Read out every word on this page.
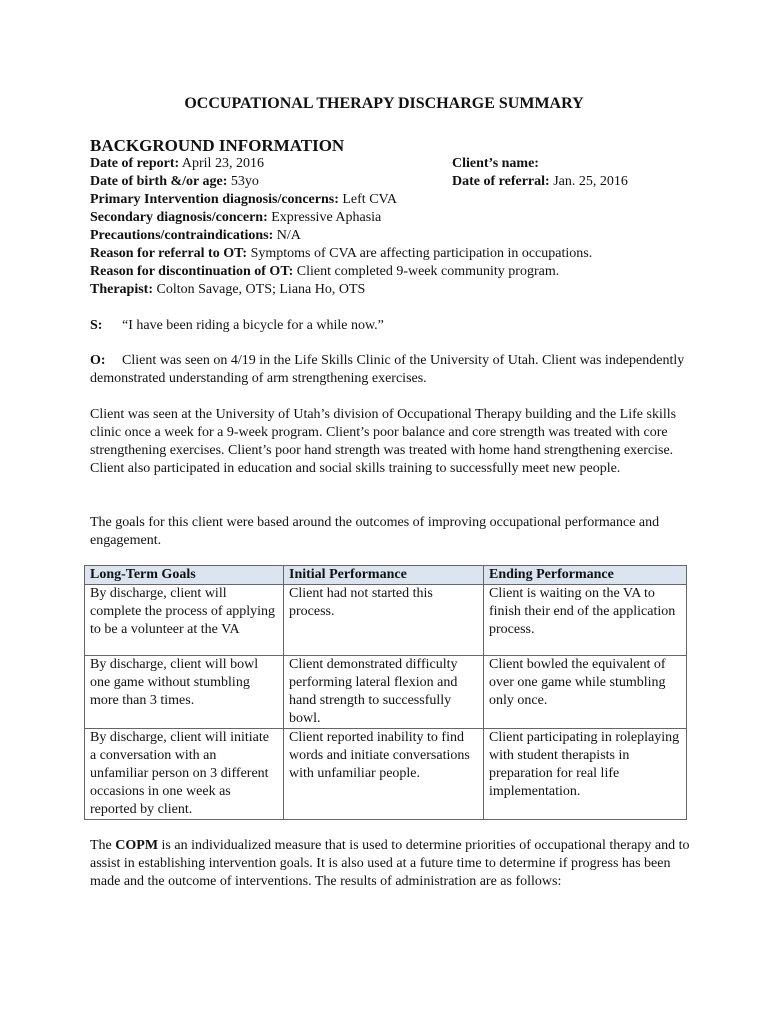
OCCUPATIONAL THERAPY DISCHARGE SUMMARY
BACKGROUND INFORMATION
Date of report: April 23, 2016	Client’s name:
Date of birth &/or age: 53yo	Date of referral: Jan. 25, 2016
Primary Intervention diagnosis/concerns: Left CVA
Secondary diagnosis/concern: Expressive Aphasia
Precautions/contraindications: N/A
Reason for referral to OT: Symptoms of CVA are affecting participation in occupations.
Reason for discontinuation of OT: Client completed 9-week community program.
Therapist: Colton Savage, OTS; Liana Ho, OTS
S: “I have been riding a bicycle for a while now.”
O: Client was seen on 4/19 in the Life Skills Clinic of the University of Utah. Client was independently demonstrated understanding of arm strengthening exercises.
Client was seen at the University of Utah’s division of Occupational Therapy building and the Life skills clinic once a week for a 9-week program. Client’s poor balance and core strength was treated with core strengthening exercises. Client’s poor hand strength was treated with home hand strengthening exercise. Client also participated in education and social skills training to successfully meet new people.
The goals for this client were based around the outcomes of improving occupational performance and engagement.
Long-Term Goals	Initial Performance	Ending Performance
By discharge, client will complete the process of applying to be a volunteer at the VA	Client had not started this process.	Client is waiting on the VA to finish their end of the application process.
By discharge, client will bowl one game without stumbling more than 3 times.	Client demonstrated difficulty performing lateral flexion and hand strength to successfully bowl.	Client bowled the equivalent of over one game while stumbling only once.
By discharge, client will initiate a conversation with an unfamiliar person on 3 different occasions in one week as reported by client.	Client reported inability to find words and initiate conversations with unfamiliar people.	Client participating in roleplaying with student therapists in preparation for real life implementation.
The COPM is an individualized measure that is used to determine priorities of occupational therapy and to assist in establishing intervention goals. It is also used at a future time to determine if progress has been made and the outcome of interventions. The results of administration are as follows:
